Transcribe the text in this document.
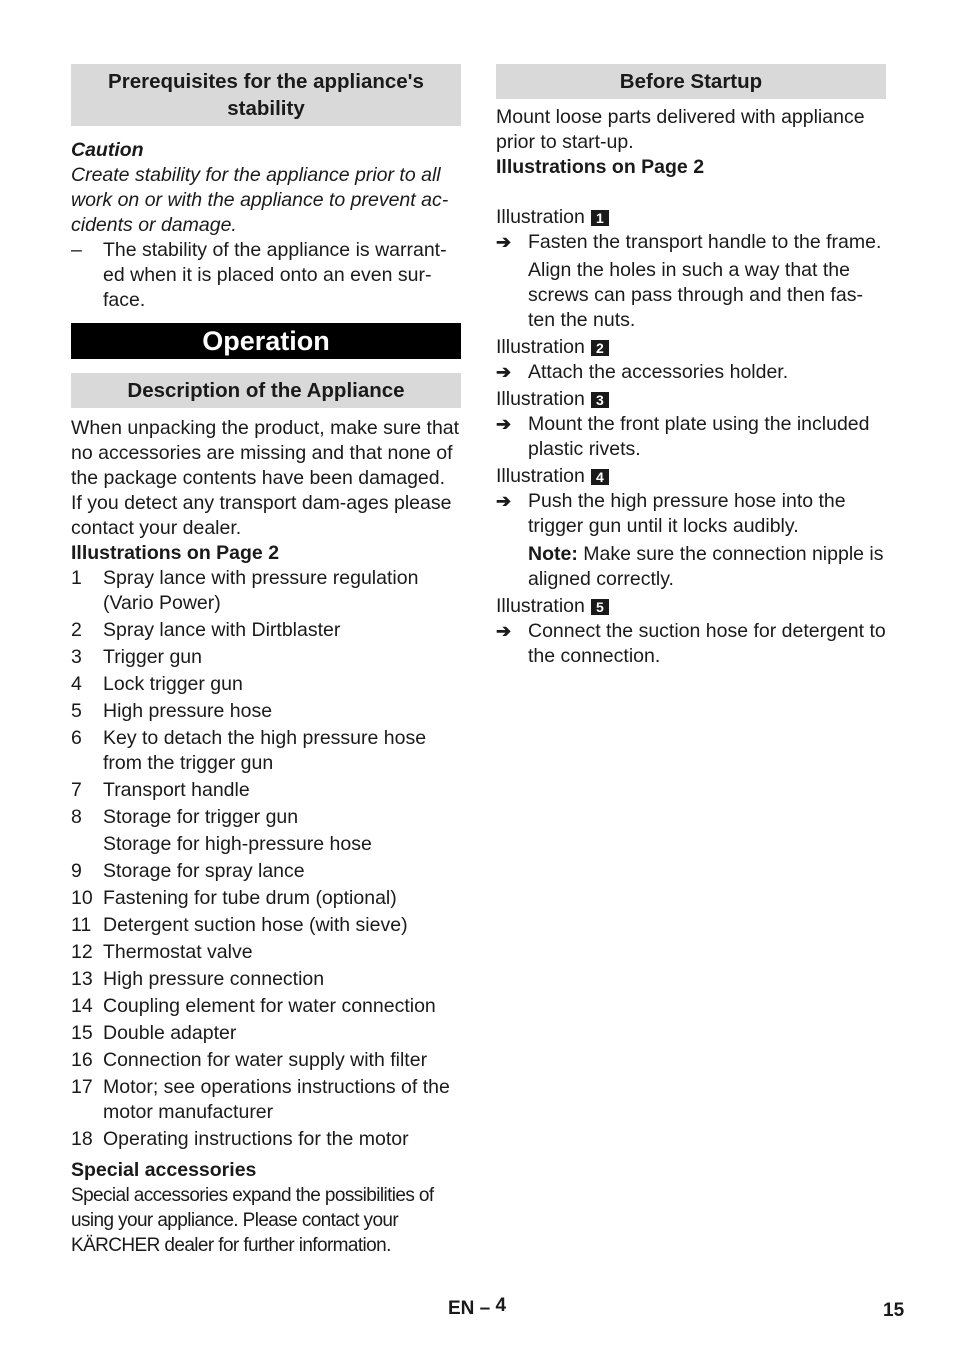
Prerequisites for the appliance's stability
Caution

Create stability for the appliance prior to all work on or with the appliance to prevent ac-cidents or damage.

–	The stability of the appliance is warrant-ed when it is placed onto an even sur-face.
Operation
Description of the Appliance

When unpacking the product, make sure that no accessories are missing and that none of the package contents have been damaged. If you detect any transport dam-ages please contact your dealer.

Illustrations on Page 2

1	Spray lance with pressure regulation (Vario Power)
2	Spray lance with Dirtblaster
3	Trigger gun
4	Lock trigger gun
5	High pressure hose
6	Key to detach the high pressure hose from the trigger gun
7	Transport handle
8	Storage for trigger gun
Storage for high-pressure hose
9	Storage for spray lance
10 Fastening for tube drum (optional)
11 Detergent suction hose (with sieve)
12 Thermostat valve
13 High pressure connection
14 Coupling element for water connection
15 Double adapter
16 Connection for water supply with filter
17 Motor; see operations instructions of the motor manufacturer
18 Operating instructions for the motor

Special accessories

Special accessories expand the possibilities of using your appliance. Please contact your KÄRCHER dealer for further information.

Before Startup

Mount loose parts delivered with appliance prior to start-up.

Illustrations on Page 2

Illustration 1
➔ Fasten the transport handle to the frame.
Align the holes in such a way that the screws can pass through and then fas-ten the nuts.
Illustration 2
➔ Attach the accessories holder.
Illustration 3
➔ Mount the front plate using the included plastic rivets.
Illustration 4
➔ Push the high pressure hose into the trigger gun until it locks audibly.
Note: Make sure the connection nipple is aligned correctly.
Illustration 5
➔ Connect the suction hose for detergent to the connection.
EN – 4	15
